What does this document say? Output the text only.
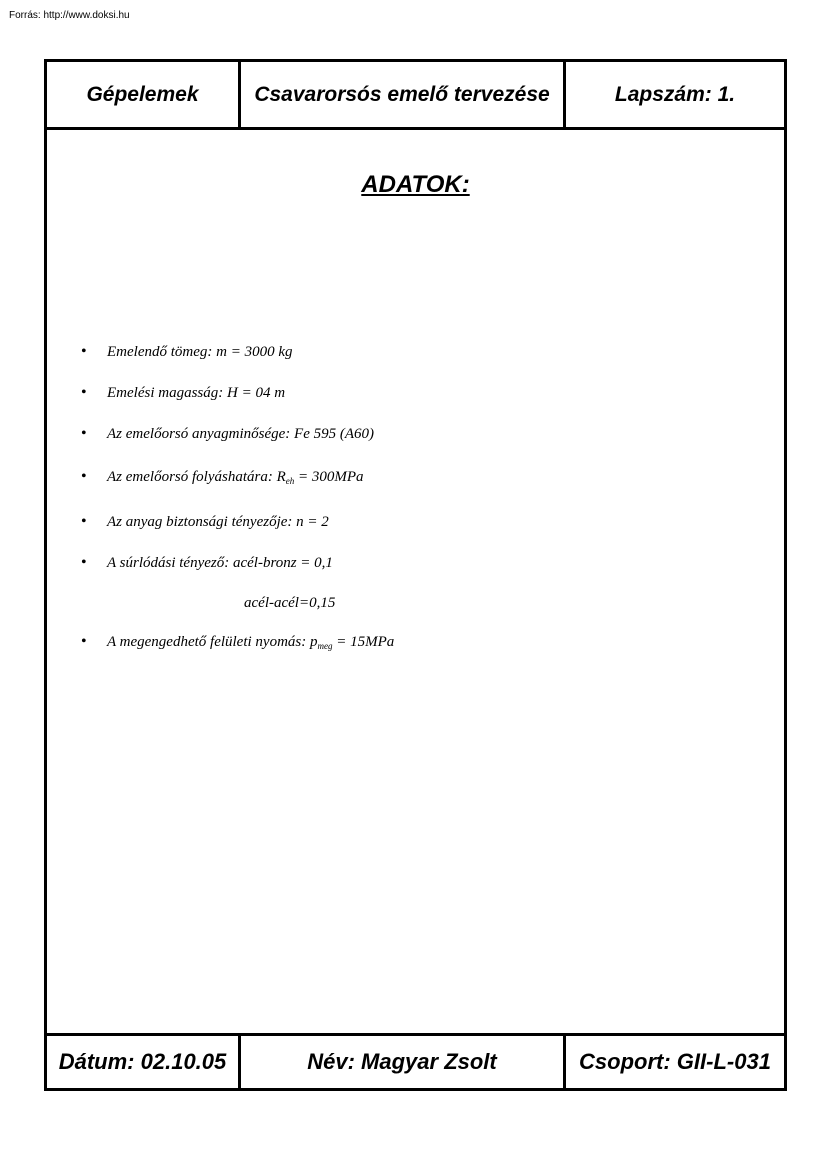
Forrás: http://www.doksi.hu
Gépelemek	Csavarorsós emelő tervezése	Lapszám: 1.
ADATOK:
• Emelendő tömeg: m = 3000 kg
• Emelési magasság: H = 04 m
• Az emelőorsó anyagminősége: Fe 595 (A60)
• Az emelőorsó folyáshatára: $R_{eh} = 300MPa$
• Az anyag biztonsági tényezője: n = 2
• A súrlódási tényező: acél-bronz = 0,1
acél-acél=0,15
• A megengedhető felületi nyomás: $p_{meg} = 15MPa$
Dátum: 02.10.05	Név: Magyar Zsolt	Csoport: GII-L-031
